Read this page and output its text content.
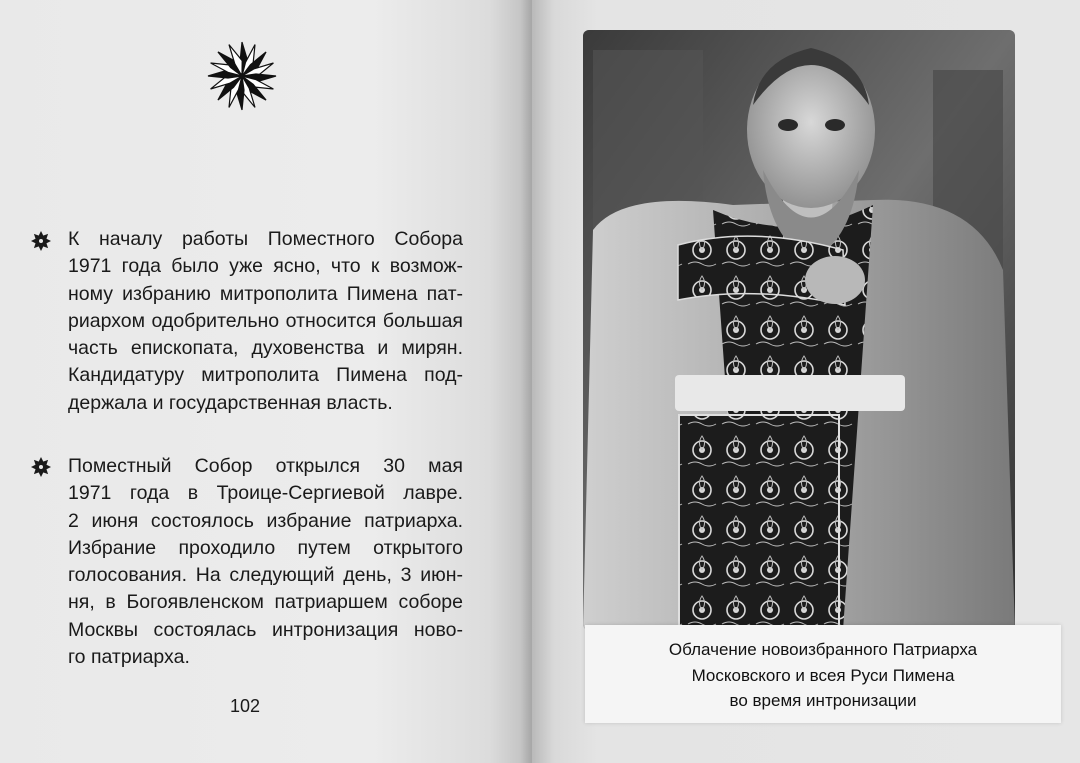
К началу работы Поместного Собора
1971 года было уже ясно, что к возмож-
ному избранию митрополита Пимена пат-
риархом одобрительно относится большая
часть епископата, духовенства и мирян.
Кандидатуру митрополита Пимена под-
держала и государственная власть.
Поместный Собор открылся 30 мая
1971 года в Троице-Сергиевой лавре.
2 июня состоялось избрание патриарха.
Избрание проходило путем открытого
голосования. На следующий день, 3 июн-
ня, в Богоявленском патриаршем соборе
Москвы состоялась интронизация ново-
го патриарха.
102
Облачение новоизбранного Патриарха
Московского и всея Руси Пимена
во время интронизации
